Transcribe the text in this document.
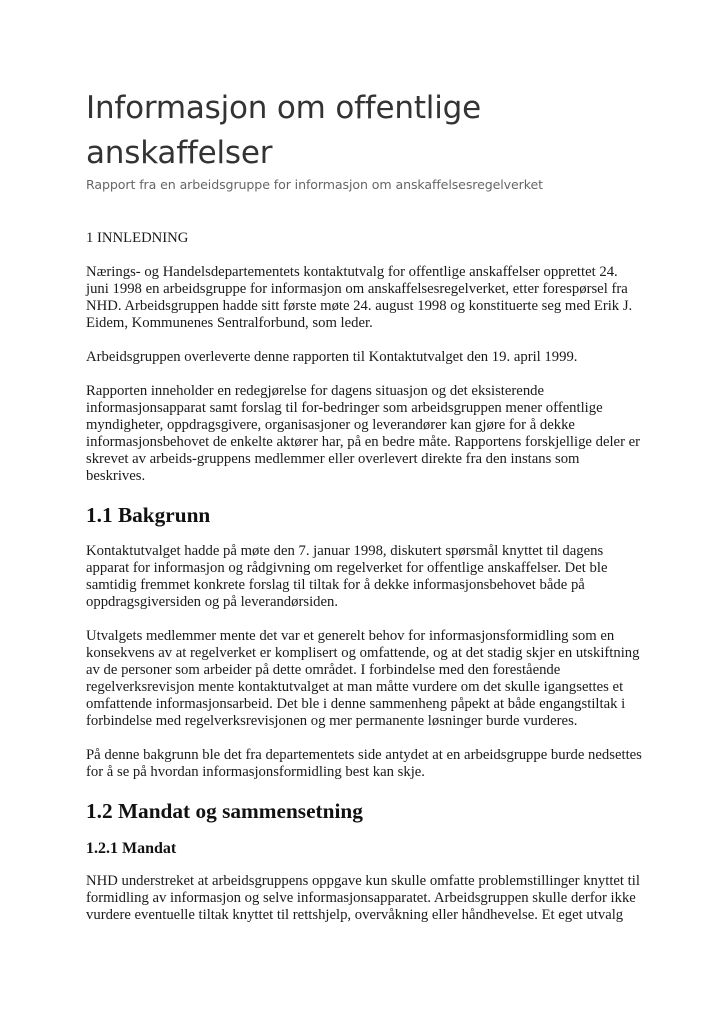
Informasjon om offentlige anskaffelser
Rapport fra en arbeidsgruppe for informasjon om anskaffelsesregelverket

1 INNLEDNING

Nærings- og Handelsdepartementets kontaktutvalg for offentlige anskaffelser opprettet 24. juni 1998 en arbeidsgruppe for informasjon om anskaffelsesregelverket, etter forespørsel fra NHD. Arbeidsgruppen hadde sitt første møte 24. august 1998 og konstituerte seg med Erik J. Eidem, Kommunenes Sentralforbund, som leder.

Arbeidsgruppen overleverte denne rapporten til Kontaktutvalget den 19. april 1999.

Rapporten inneholder en redegjørelse for dagens situasjon og det eksisterende informasjonsapparat samt forslag til for-bedringer som arbeidsgruppen mener offentlige myndigheter, oppdragsgivere, organisasjoner og leverandører kan gjøre for å dekke informasjonsbehovet de enkelte aktører har, på en bedre måte. Rapportens forskjellige deler er skrevet av arbeids-gruppens medlemmer eller overlevert direkte fra den instans som beskrives.

1.1 Bakgrunn

Kontaktutvalget hadde på møte den 7. januar 1998, diskutert spørsmål knyttet til dagens apparat for informasjon og rådgivning om regelverket for offentlige anskaffelser. Det ble samtidig fremmet konkrete forslag til tiltak for å dekke informasjonsbehovet både på oppdragsgiversiden og på leverandørsiden.

Utvalgets medlemmer mente det var et generelt behov for informasjonsformidling som en konsekvens av at regelverket er komplisert og omfattende, og at det stadig skjer en utskiftning av de personer som arbeider på dette området. I forbindelse med den forestående regelverksrevisjon mente kontaktutvalget at man måtte vurdere om det skulle igangsettes et omfattende informasjonsarbeid. Det ble i denne sammenheng påpekt at både engangstiltak i forbindelse med regelverksrevisjonen og mer permanente løsninger burde vurderes.

På denne bakgrunn ble det fra departementets side antydet at en arbeidsgruppe burde nedsettes for å se på hvordan informasjonsformidling best kan skje.

1.2 Mandat og sammensetning
1.2.1 Mandat

NHD understreket at arbeidsgruppens oppgave kun skulle omfatte problemstillinger knyttet til formidling av informasjon og selve informasjonsapparatet. Arbeidsgruppen skulle derfor ikke vurdere eventuelle tiltak knyttet til rettshjelp, overvåkning eller håndhevelse. Et eget utvalg
